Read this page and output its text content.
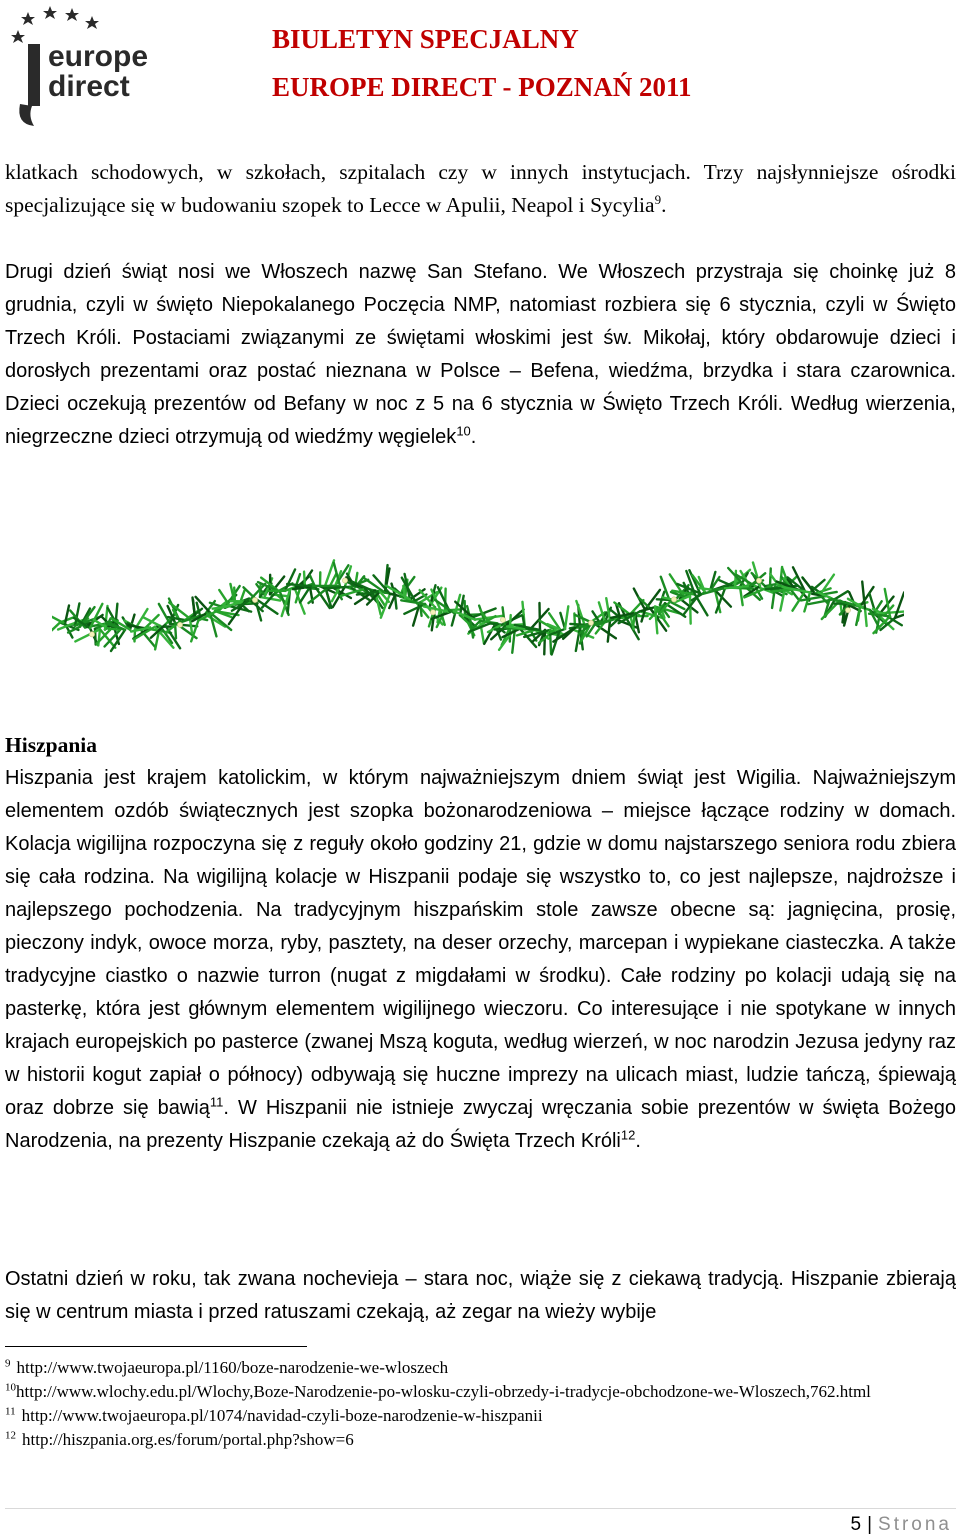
europe
direct
BIULETYN SPECJALNY
EUROPE DIRECT - POZNAŃ 2011
klatkach schodowych, w szkołach, szpitalach czy w innych instytucjach. Trzy najsłynniejsze ośrodki specjalizujące się w budowaniu szopek to Lecce w Apulii, Neapol i Sycylia$^9$.
Drugi dzień świąt nosi we Włoszech nazwę San Stefano. We Włoszech przystraja się choinkę już 8 grudnia, czyli w święto Niepokalanego Poczęcia NMP, natomiast rozbiera się 6 stycznia, czyli w Święto Trzech Króli. Postaciami związanymi ze świętami włoskimi jest św. Mikołaj, który obdarowuje dzieci i dorosłych prezentami oraz postać nieznana w Polsce – Befena, wiedźma, brzydka i stara czarownica. Dzieci oczekują prezentów od Befany w noc z 5 na 6 stycznia w Święto Trzech Króli. Według wierzenia, niegrzeczne dzieci otrzymują od wiedźmy węgielek$^{10}$.
Hiszpania
Hiszpania jest krajem katolickim, w którym najważniejszym dniem świąt jest Wigilia. Najważniejszym elementem ozdób świątecznych jest szopka bożonarodzeniowa – miejsce łączące rodziny w domach. Kolacja wigilijna rozpoczyna się z reguły około godziny 21, gdzie w domu najstarszego seniora rodu zbiera się cała rodzina. Na wigilijną kolacje w Hiszpanii podaje się wszystko to, co jest najlepsze, najdroższe i najlepszego pochodzenia. Na tradycyjnym hiszpańskim stole zawsze obecne są: jagnięcina, prosię, pieczony indyk, owoce morza, ryby, pasztety, na deser orzechy, marcepan i wypiekane ciasteczka. A także tradycyjne ciastko o nazwie turron (nugat z migdałami w środku). Całe rodziny po kolacji udają się na pasterkę, która jest głównym elementem wigilijnego wieczoru. Co interesujące i nie spotykane w innych krajach europejskich po pasterce (zwanej Mszą koguta, według wierzeń, w noc narodzin Jezusa jedyny raz w historii kogut zapiał o północy) odbywają się huczne imprezy na ulicach miast, ludzie tańczą, śpiewają oraz dobrze się bawią$^{11}$. W Hiszpanii nie istnieje zwyczaj wręczania sobie prezentów w święta Bożego Narodzenia, na prezenty Hiszpanie czekają aż do Święta Trzech Króli$^{12}$.
Ostatni dzień w roku, tak zwana nochevieja – stara noc, wiąże się z ciekawą tradycją. Hiszpanie zbierają się w centrum miasta i przed ratuszami czekają, aż zegar na wieży wybije
$^9$ http://www.twojaeuropa.pl/1160/boze-narodzenie-we-wloszech
$^{10}$http://www.wlochy.edu.pl/Wlochy,Boze-Narodzenie-po-wlosku-czyli-obrzedy-i-tradycje-obchodzone-we-Wloszech,762.html
$^{11}$ http://www.twojaeuropa.pl/1074/navidad-czyli-boze-narodzenie-w-hiszpanii
$^{12}$ http://hiszpania.org.es/forum/portal.php?show=6
5 | Strona
